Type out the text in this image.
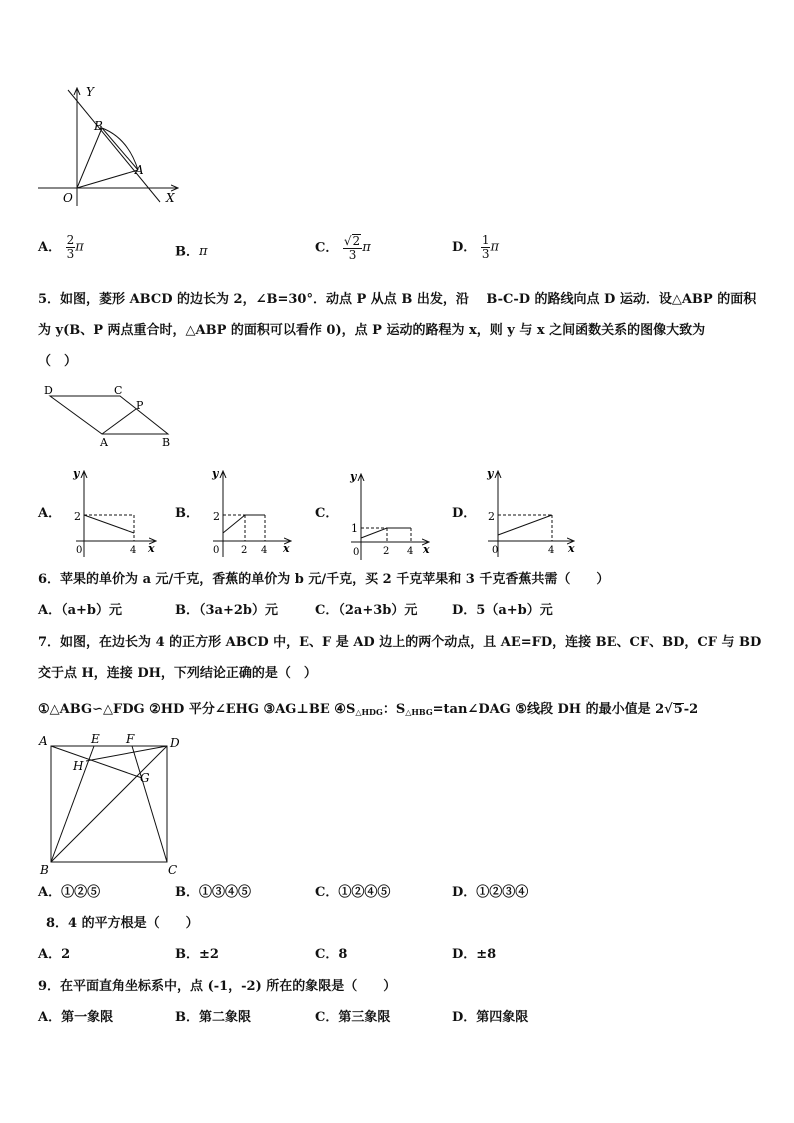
Y
X
O
B
A
A． $\frac{2}{3}$ π	B．π	C． $\frac{√2}{3}$ π	D． $\frac{1}{3}$ π
5．如图，菱形 ABCD 的边长为 2，∠B=30°．动点 P 从点 B 出发，沿　 B-C-D 的路线向点 D 运动．设△ABP 的面积
为 y(B、P 两点重合时，△ABP 的面积可以看作 0)，点 P 运动的路程为 x，则 y 与 x 之间函数关系的图像大致为
（　）
D	C
P
A	B
A．
y
2
0	4 x
B．
y
2
0 2 4 x
C．
y
1
0 2 4 x
D．
y
2
0	4 x
6．苹果的单价为 a 元/千克，香蕉的单价为 b 元/千克，买 2 千克苹果和 3 千克香蕉共需（　　）
A．（a+b）元	B．（3a+2b）元	C．（2a+3b）元	D．5（a+b）元
7．如图，在边长为 4 的正方形 ABCD 中，E、F 是 AD 边上的两个动点，且 AE=FD，连接 BE、CF、BD，CF 与 BD
交于点 H，连接 DH，下列结论正确的是（　）
①△ABG∽△FDG ②HD 平分∠EHG ③AG⊥BE $④S_{\triangle HDG}$：$S_{\triangle HBG}=\tan\angle DAG$ ⑤线段 DH 的最小值是 2√5-2
A	E F	D
H
G
B	C
A．①②⑤	B．①③④⑤	C．①②④⑤	D．①②③④
8．4 的平方根是（　　）
A．2	B．±2	C．8	D．±8
9．在平面直角坐标系中，点 (-1，-2) 所在的象限是（　　）
A．第一象限	B．第二象限	C．第三象限	D．第四象限
